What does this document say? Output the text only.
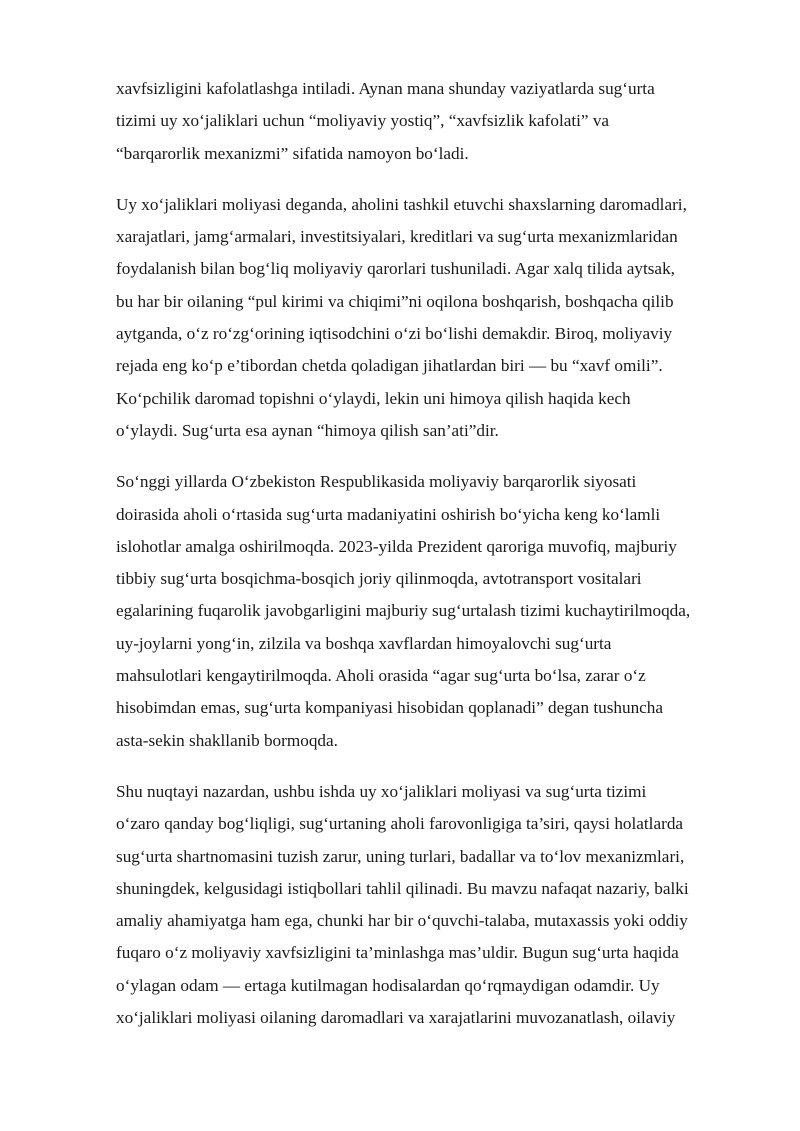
xavfsizligini kafolatlashga intiladi. Aynan mana shunday vaziyatlarda sug‘urta
tizimi uy xo‘jaliklari uchun “moliyaviy yostiq”, “xavfsizlik kafolati” va
“barqarorlik mexanizmi” sifatida namoyon bo‘ladi.

Uy xo‘jaliklari moliyasi deganda, aholini tashkil etuvchi shaxslarning daromadlari,
xarajatlari, jamg‘armalari, investitsiyalari, kreditlari va sug‘urta mexanizmlaridan
foydalanish bilan bog‘liq moliyaviy qarorlari tushuniladi. Agar xalq tilida aytsak,
bu har bir oilaning “pul kirimi va chiqimi”ni oqilona boshqarish, boshqacha qilib
aytganda, o‘z ro‘zg‘orining iqtisodchini o‘zi bo‘lishi demakdir. Biroq, moliyaviy
rejada eng ko‘p e’tibordan chetda qoladigan jihatlardan biri — bu “xavf omili”.
Ko‘pchilik daromad topishni o‘ylaydi, lekin uni himoya qilish haqida kech
o‘ylaydi. Sug‘urta esa aynan “himoya qilish san’ati”dir.

So‘nggi yillarda O‘zbekiston Respublikasida moliyaviy barqarorlik siyosati
doirasida aholi o‘rtasida sug‘urta madaniyatini oshirish bo‘yicha keng ko‘lamli
islohotlar amalga oshirilmoqda. 2023-yilda Prezident qaroriga muvofiq, majburiy
tibbiy sug‘urta bosqichma-bosqich joriy qilinmoqda, avtotransport vositalari
egalarining fuqarolik javobgarligini majburiy sug‘urtalash tizimi kuchaytirilmoqda,
uy-joylarni yong‘in, zilzila va boshqa xavflardan himoyalovchi sug‘urta
mahsulotlari kengaytirilmoqda. Aholi orasida “agar sug‘urta bo‘lsa, zarar o‘z
hisobimdan emas, sug‘urta kompaniyasi hisobidan qoplanadi” degan tushuncha
asta-sekin shakllanib bormoqda.

Shu nuqtayi nazardan, ushbu ishda uy xo‘jaliklari moliyasi va sug‘urta tizimi
o‘zaro qanday bog‘liqligi, sug‘urtaning aholi farovonligiga ta’siri, qaysi holatlarda
sug‘urta shartnomasini tuzish zarur, uning turlari, badallar va to‘lov mexanizmlari,
shuningdek, kelgusidagi istiqbollari tahlil qilinadi. Bu mavzu nafaqat nazariy, balki
amaliy ahamiyatga ham ega, chunki har bir o‘quvchi-talaba, mutaxassis yoki oddiy
fuqaro o‘z moliyaviy xavfsizligini ta’minlashga mas’uldir. Bugun sug‘urta haqida
o‘ylagan odam — ertaga kutilmagan hodisalardan qo‘rqmaydigan odamdir. Uy
xo‘jaliklari moliyasi oilaning daromadlari va xarajatlarini muvozanatlash, oilaviy
